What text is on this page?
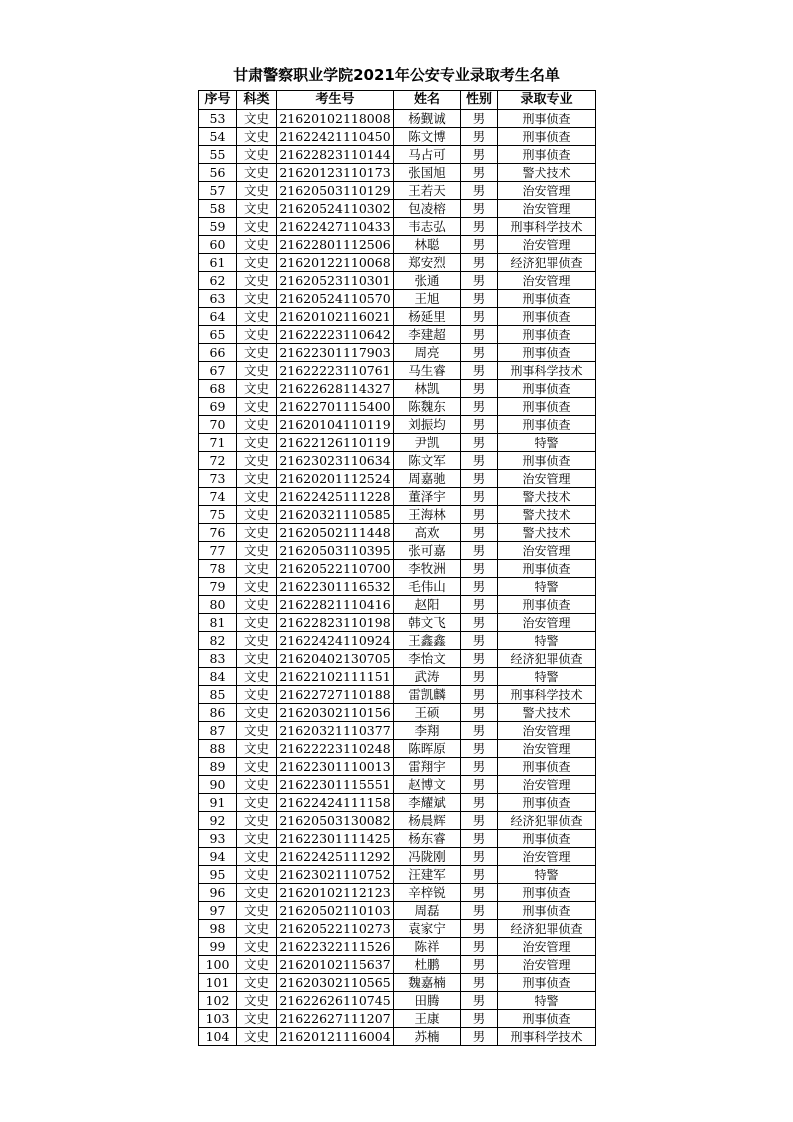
甘肃警察职业学院2021年公安专业录取考生名单
序号	科类	考生号	姓名	性别	录取专业
53	文史	21620102118008	杨觐诚	男	刑事侦查
54	文史	21622421110450	陈文博	男	刑事侦查
55	文史	21622823110144	马占可	男	刑事侦查
56	文史	21620123110173	张国旭	男	警犬技术
57	文史	21620503110129	王若天	男	治安管理
58	文史	21620524110302	包凌榕	男	治安管理
59	文史	21622427110433	韦志弘	男	刑事科学技术
60	文史	21622801112506	林聪	男	治安管理
61	文史	21620122110068	郑安烈	男	经济犯罪侦查
62	文史	21620523110301	张通	男	治安管理
63	文史	21620524110570	王旭	男	刑事侦查
64	文史	21620102116021	杨延里	男	刑事侦查
65	文史	21622223110642	李建超	男	刑事侦查
66	文史	21622301117903	周亮	男	刑事侦查
67	文史	21622223110761	马生睿	男	刑事科学技术
68	文史	21622628114327	林凯	男	刑事侦查
69	文史	21622701115400	陈魏东	男	刑事侦查
70	文史	21620104110119	刘振均	男	刑事侦查
71	文史	21622126110119	尹凯	男	特警
72	文史	21623023110634	陈文军	男	刑事侦查
73	文史	21620201112524	周嘉驰	男	治安管理
74	文史	21622425111228	董泽宇	男	警犬技术
75	文史	21620321110585	王海林	男	警犬技术
76	文史	21620502111448	高欢	男	警犬技术
77	文史	21620503110395	张可嘉	男	治安管理
78	文史	21620522110700	李牧洲	男	刑事侦查
79	文史	21622301116532	毛伟山	男	特警
80	文史	21622821110416	赵阳	男	刑事侦查
81	文史	21622823110198	韩文飞	男	治安管理
82	文史	21622424110924	王鑫鑫	男	特警
83	文史	21620402130705	李怡文	男	经济犯罪侦查
84	文史	21622102111151	武涛	男	特警
85	文史	21622727110188	雷凯麟	男	刑事科学技术
86	文史	21620302110156	王硕	男	警犬技术
87	文史	21620321110377	李翔	男	治安管理
88	文史	21622223110248	陈晖原	男	治安管理
89	文史	21622301110013	雷翔宇	男	刑事侦查
90	文史	21622301115551	赵博文	男	治安管理
91	文史	21622424111158	李耀斌	男	刑事侦查
92	文史	21620503130082	杨晨辉	男	经济犯罪侦查
93	文史	21622301111425	杨东睿	男	刑事侦查
94	文史	21622425111292	冯陇刚	男	治安管理
95	文史	21623021110752	汪建军	男	特警
96	文史	21620102112123	辛梓锐	男	刑事侦查
97	文史	21620502110103	周磊	男	刑事侦查
98	文史	21620522110273	袁家宁	男	经济犯罪侦查
99	文史	21622322111526	陈祥	男	治安管理
100	文史	21620102115637	杜鹏	男	治安管理
101	文史	21620302110565	魏嘉楠	男	刑事侦查
102	文史	21622626110745	田腾	男	特警
103	文史	21622627111207	王康	男	刑事侦查
104	文史	21620121116004	苏楠	男	刑事科学技术
